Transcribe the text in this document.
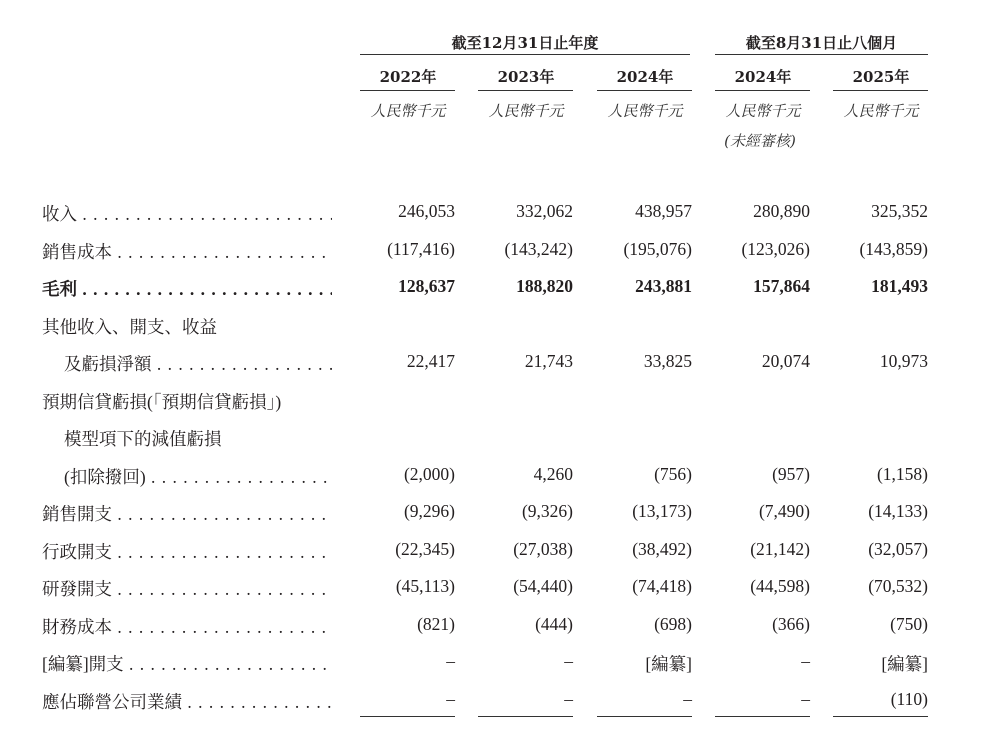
截至12月31日止年度	截至8月31日止八個月
2022年	2023年	2024年	2024年	2025年
人民幣千元	人民幣千元	人民幣千元	人民幣千元	人民幣千元
(未經審核)
收入 . . .	246,053	332,062	438,957	280,890	325,352
銷售成本 . . .	(117,416)	(143,242)	(195,076)	(123,026)	(143,859)
毛利 . . .	128,637	188,820	243,881	157,864	181,493
其他收入、開支、收益
及虧損淨額 . . .	22,417	21,743	33,825	20,074	10,973
預期信貸虧損(「預期信貸虧損」)
模型項下的減值虧損
(扣除撥回) . . .	(2,000)	4,260	(756)	(957)	(1,158)
銷售開支 . . .	(9,296)	(9,326)	(13,173)	(7,490)	(14,133)
行政開支 . . .	(22,345)	(27,038)	(38,492)	(21,142)	(32,057)
研發開支 . . .	(45,113)	(54,440)	(74,418)	(44,598)	(70,532)
財務成本 . . .	(821)	(444)	(698)	(366)	(750)
[編纂]開支 . . .	–	–	[編纂]	–	[編纂]
應佔聯營公司業績 . . .	–	–	–	–	(110)
